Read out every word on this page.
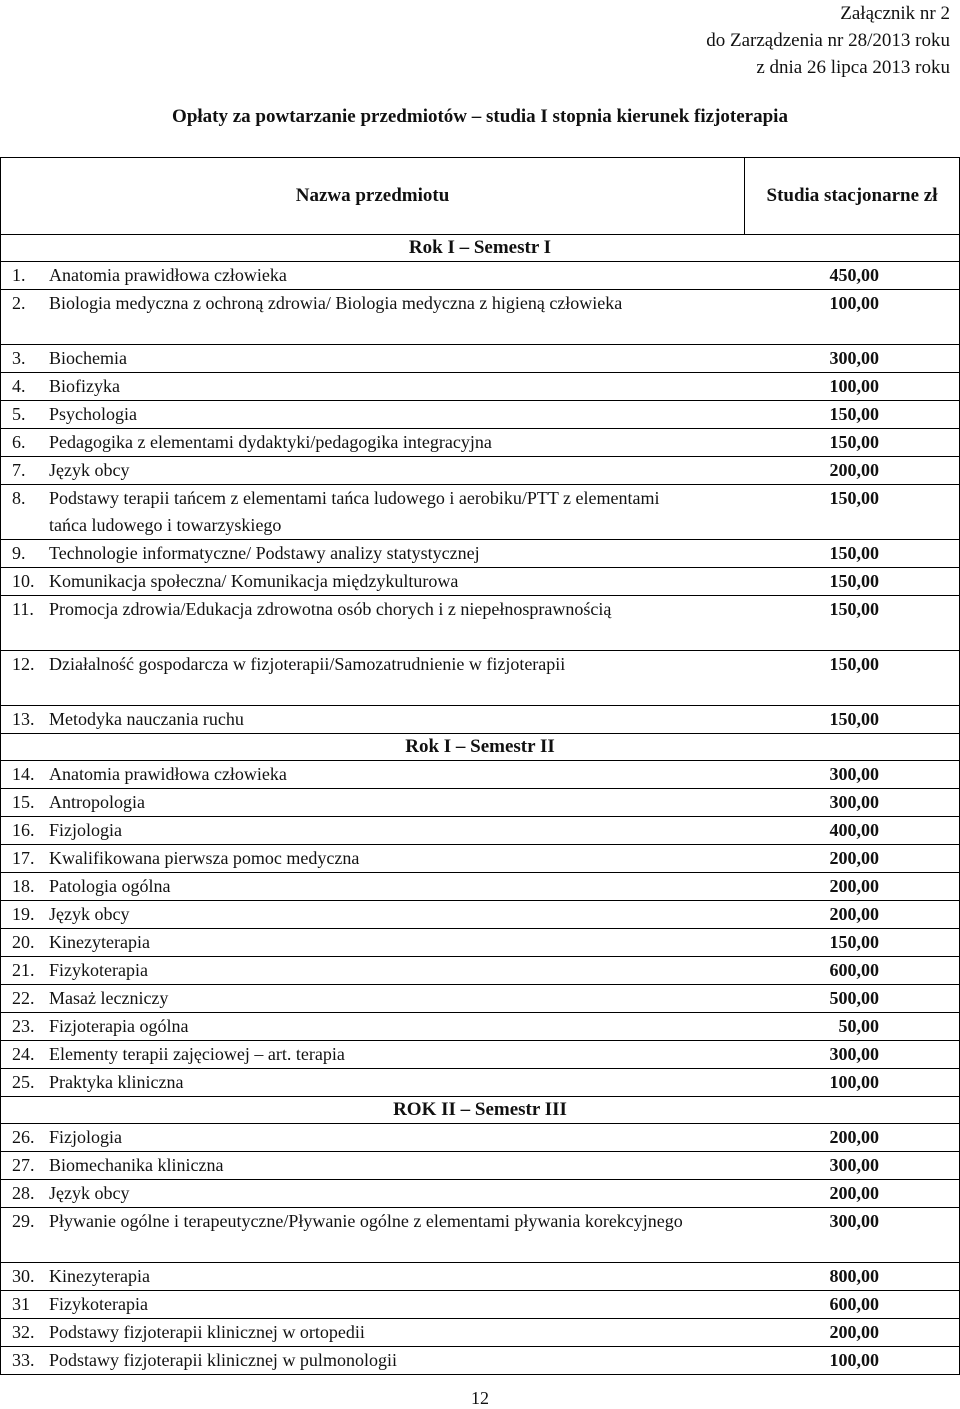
Załącznik nr 2
do Zarządzenia nr 28/2013 roku
z dnia 26 lipca 2013 roku
Opłaty za powtarzanie przedmiotów – studia I stopnia kierunek fizjoterapia
Nazwa przedmiotu	Studia stacjonarne zł
Rok I – Semestr I

1.	Anatomia prawidłowa człowieka	450,00

2.	Biologia medyczna z ochroną zdrowia/ Biologia medyczna z higieną człowieka	100,00

3.	Biochemia	300,00

4.	Biofizyka	100,00

5.	Psychologia	150,00

6.	Pedagogika z elementami dydaktyki/pedagogika integracyjna	150,00

7.	Język obcy	200,00

8.	Podstawy terapii tańcem z elementami tańca ludowego i aerobiku/PTT z elementami tańca ludowego i towarzyskiego
150,00

9.	Technologie informatyczne/ Podstawy analizy statystycznej	150,00

10. Komunikacja społeczna/ Komunikacja międzykulturowa	150,00

11. Promocja zdrowia/Edukacja zdrowotna osób chorych i z niepełnosprawnością	150,00

12. Działalność gospodarcza w fizjoterapii/Samozatrudnienie w fizjoterapii	150,00

13. Metodyka nauczania ruchu	150,00

Rok I – Semestr II

14. Anatomia prawidłowa człowieka	300,00

15. Antropologia	300,00

16. Fizjologia	400,00

17. Kwalifikowana pierwsza pomoc medyczna	200,00

18. Patologia ogólna	200,00

19. Język obcy	200,00

20. Kinezyterapia	150,00

21. Fizykoterapia	600,00

22. Masaż leczniczy	500,00

23. Fizjoterapia ogólna	50,00

24. Elementy terapii zajęciowej – art. terapia	300,00

25. Praktyka kliniczna	100,00

ROK II – Semestr III

26. Fizjologia	200,00

27. Biomechanika kliniczna	300,00

28. Język obcy	200,00

29. Pływanie ogólne i terapeutyczne/Pływanie ogólne z elementami pływania korekcyjnego	300,00

30. Kinezyterapia	800,00

31	Fizykoterapia	600,00

32. Podstawy fizjoterapii klinicznej w ortopedii	200,00

33. Podstawy fizjoterapii klinicznej w pulmonologii	100,00
12
